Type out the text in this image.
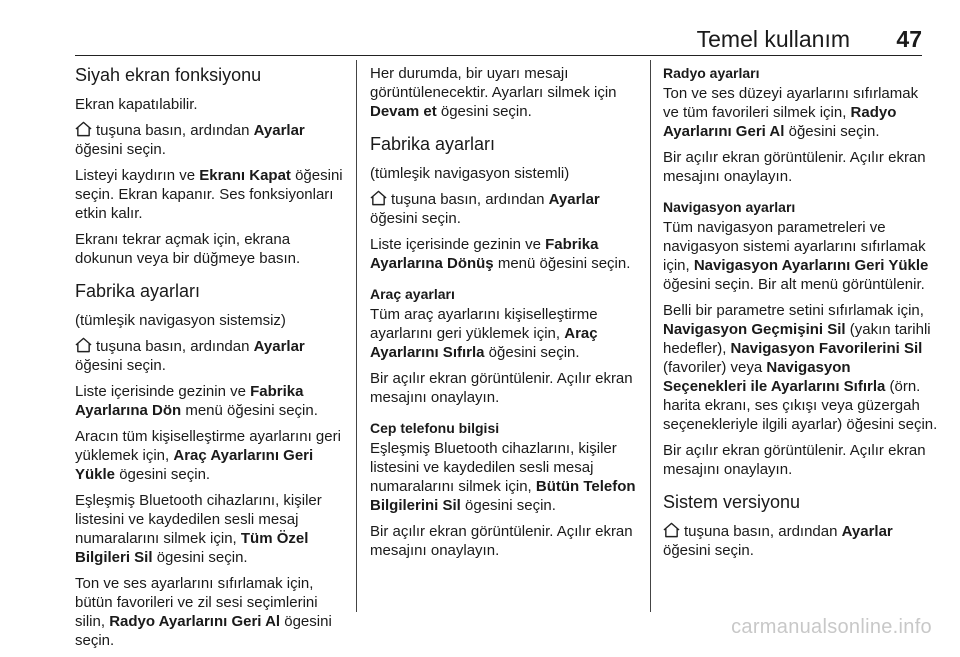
Temel kullanım 47
Siyah ekran fonksiyonu

Ekran kapatılabilir.

tuşuna basın, ardından Ayarlar öğesini seçin.

Listeyi kaydırın ve Ekranı Kapat öğesini seçin. Ekran kapanır. Ses fonksiyonları etkin kalır.

Ekranı tekrar açmak için, ekrana dokunun veya bir düğmeye basın.

Fabrika ayarları

(tümleşik navigasyon sistemsiz)

tuşuna basın, ardından Ayarlar öğesini seçin.

Liste içerisinde gezinin ve Fabrika Ayarlarına Dön menü öğesini seçin.

Aracın tüm kişiselleştirme ayarlarını geri yüklemek için, Araç Ayarlarını Geri Yükle ögesini seçin.

Eşleşmiş Bluetooth cihazlarını, kişiler listesini ve kaydedilen sesli mesaj numaralarını silmek için, Tüm Özel Bilgileri Sil ögesini seçin.

Ton ve ses ayarlarını sıfırlamak için, bütün favorileri ve zil sesi seçimlerini silin, Radyo Ayarlarını Geri Al ögesini seçin.

Her durumda, bir uyarı mesajı görüntülenecektir. Ayarları silmek için Devam et ögesini seçin.

Fabrika ayarları

(tümleşik navigasyon sistemli)

tuşuna basın, ardından Ayarlar öğesini seçin.

Liste içerisinde gezinin ve Fabrika Ayarlarına Dönüş menü öğesini seçin.

Araç ayarları

Tüm araç ayarlarını kişiselleştirme ayarlarını geri yüklemek için, Araç Ayarlarını Sıfırla öğesini seçin.

Bir açılır ekran görüntülenir. Açılır ekran mesajını onaylayın.

Cep telefonu bilgisi

Eşleşmiş Bluetooth cihazlarını, kişiler listesini ve kaydedilen sesli mesaj numaralarını silmek için, Bütün Telefon Bilgilerini Sil ögesini seçin.

Bir açılır ekran görüntülenir. Açılır ekran mesajını onaylayın.

Radyo ayarları

Ton ve ses düzeyi ayarlarını sıfırlamak ve tüm favorileri silmek için, Radyo Ayarlarını Geri Al öğesini seçin.

Bir açılır ekran görüntülenir. Açılır ekran mesajını onaylayın.

Navigasyon ayarları

Tüm navigasyon parametreleri ve navigasyon sistemi ayarlarını sıfırlamak için, Navigasyon Ayarlarını Geri Yükle öğesini seçin. Bir alt menü görüntülenir.

Belli bir parametre setini sıfırlamak için, Navigasyon Geçmişini Sil (yakın tarihli hedefler), Navigasyon Favorilerini Sil (favoriler) veya Navigasyon Seçenekleri ile Ayarlarını Sıfırla (örn. harita ekranı, ses çıkışı veya güzergah seçenekleriyle ilgili ayarlar) öğesini seçin.

Bir açılır ekran görüntülenir. Açılır ekran mesajını onaylayın.

Sistem versiyonu

tuşuna basın, ardından Ayarlar öğesini seçin.

carmanualsonline.info
